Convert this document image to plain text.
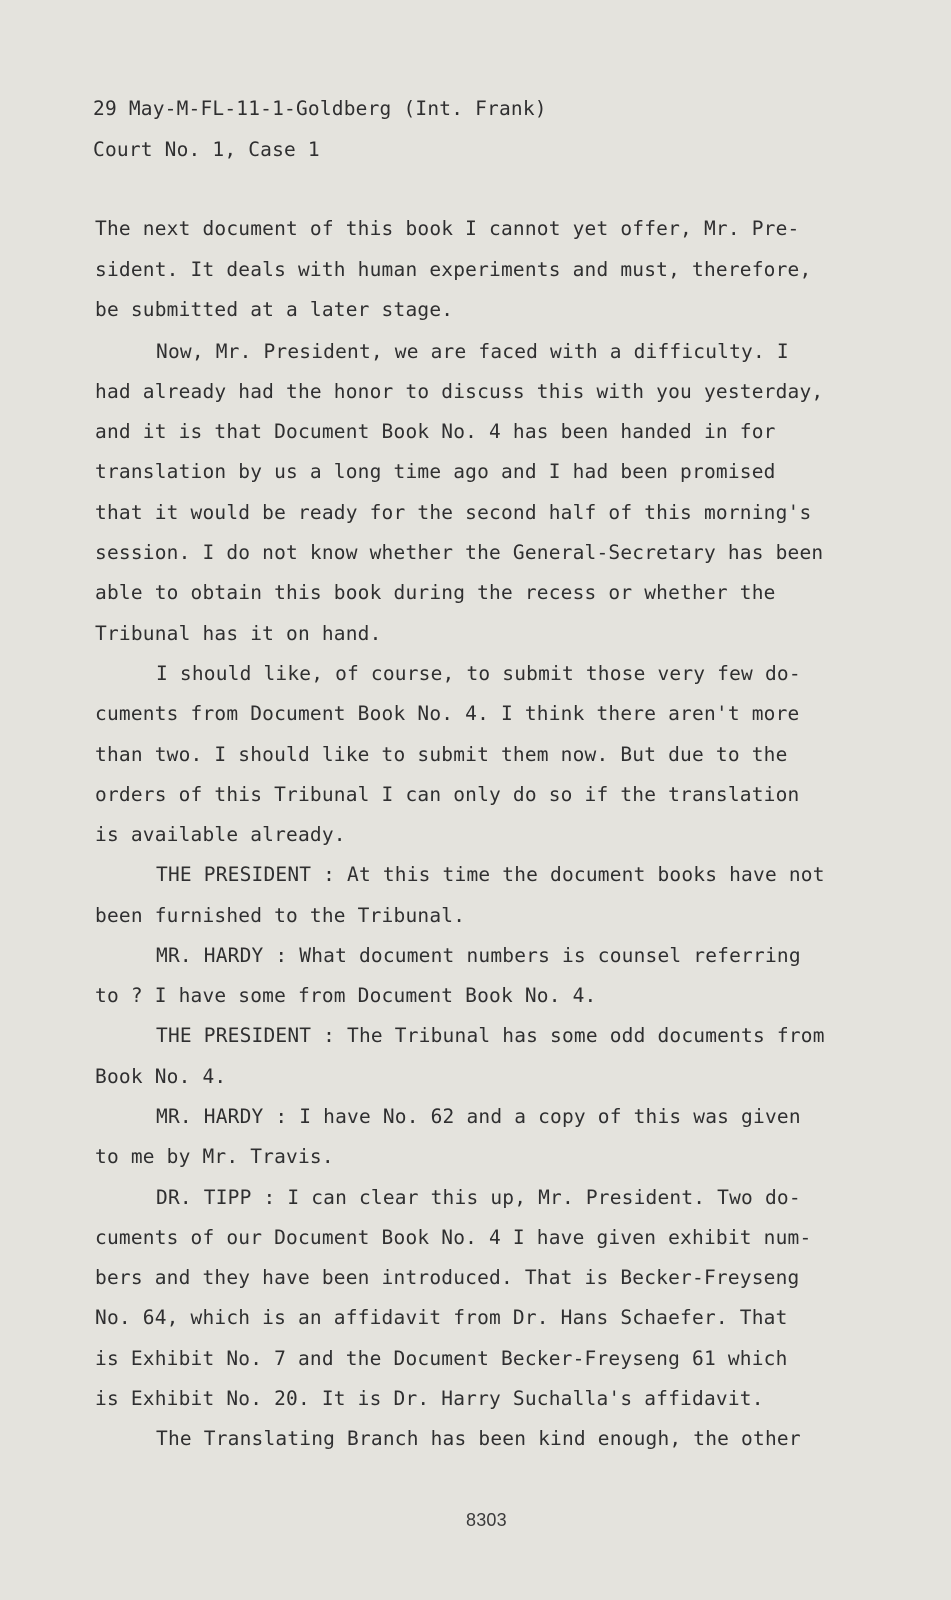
29 May-M-FL-11-1-Goldberg (Int. Frank)
Court No. 1, Case 1
The next document of this book I cannot yet offer, Mr. Pre-
sident. It deals with human experiments and must, therefore,
be submitted at a later stage.
Now, Mr. President, we are faced with a difficulty. I
had already had the honor to discuss this with you yesterday,
and it is that Document Book No. 4 has been handed in for
translation by us a long time ago and I had been promised
that it would be ready for the second half of this morning's
session. I do not know whether the General-Secretary has been
able to obtain this book during the recess or whether the
Tribunal has it on hand.
I should like, of course, to submit those very few do-
cuments from Document Book No. 4. I think there aren't more
than two. I should like to submit them now. But due to the
orders of this Tribunal I can only do so if the translation
is available already.
THE PRESIDENT : At this time the document books have not
been furnished to the Tribunal.
MR. HARDY : What document numbers is counsel referring
to ? I have some from Document Book No. 4.
THE PRESIDENT : The Tribunal has some odd documents from
Book No. 4.
MR. HARDY : I have No. 62 and a copy of this was given
to me by Mr. Travis.
DR. TIPP : I can clear this up, Mr. President. Two do-
cuments of our Document Book No. 4 I have given exhibit num-
bers and they have been introduced. That is Becker-Freyseng
No. 64, which is an affidavit from Dr. Hans Schaefer. That
is Exhibit No. 7 and the Document Becker-Freyseng 61 which
is Exhibit No. 20. It is Dr. Harry Suchalla's affidavit.
The Translating Branch has been kind enough, the other
8303
